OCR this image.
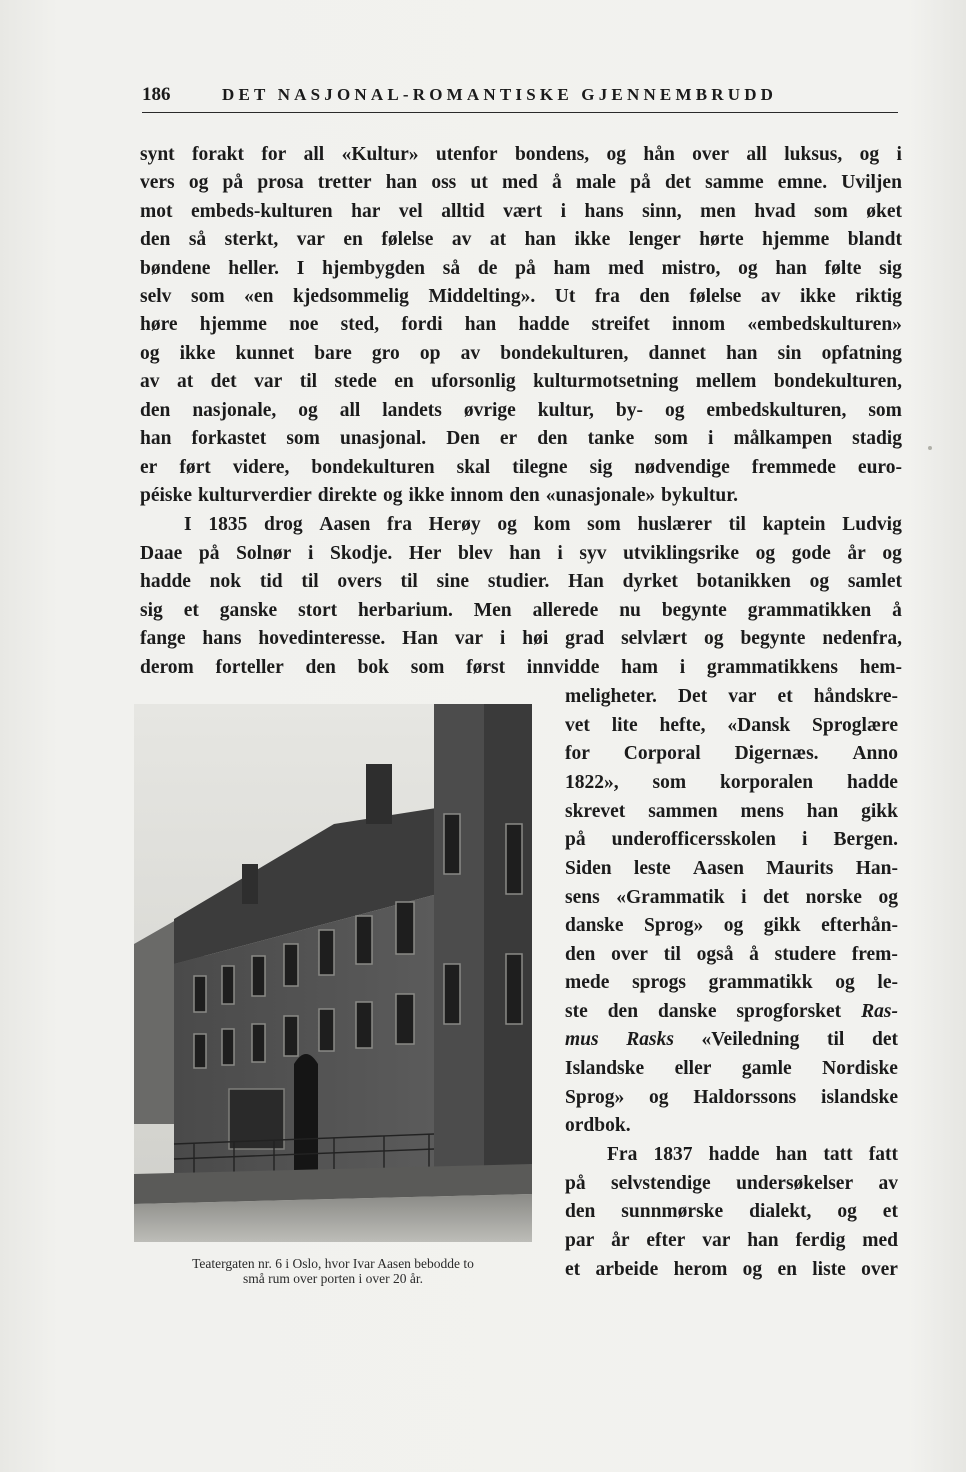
186	DET NASJONAL-ROMANTISKE GJENNEMBRUDD
synt forakt for all «Kultur» utenfor bondens, og hån over all luksus, og i
vers og på prosa tretter han oss ut med å male på det samme emne. Uviljen
mot embeds-kulturen har vel alltid vært i hans sinn, men hvad som øket
den så sterkt, var en følelse av at han ikke lenger hørte hjemme blandt
bøndene heller. I hjembygden så de på ham med mistro, og han følte sig
selv som «en kjedsommelig Middelting». Ut fra den følelse av ikke riktig
høre hjemme noe sted, fordi han hadde streifet innom «embedskulturen»
og ikke kunnet bare gro op av bondekulturen, dannet han sin opfatning
av at det var til stede en uforsonlig kulturmotsetning mellem bondekulturen,
den nasjonale, og all landets øvrige kultur, by- og embedskulturen, som
han forkastet som unasjonal. Den er den tanke som i målkampen stadig
er ført videre, bondekulturen skal tilegne sig nødvendige fremmede euro-
péiske kulturverdier direkte og ikke innom den «unasjonale» bykultur.
I 1835 drog Aasen fra Herøy og kom som huslærer til kaptein Ludvig
Daae på Solnør i Skodje. Her blev han i syv utviklingsrike og gode år og
hadde nok tid til overs til sine studier. Han dyrket botanikken og samlet
sig et ganske stort herbarium. Men allerede nu begynte grammatikken å
fange hans hovedinteresse. Han var i høi grad selvlært og begynte nedenfra,
derom forteller den bok som først innvidde ham i grammatikkens hem-
meligheter. Det var et håndskre-
vet lite hefte, «Dansk Sproglære
for Corporal Digernæs. Anno
1822», som korporalen hadde
skrevet sammen mens han gikk
på underofficersskolen i Bergen.
Siden leste Aasen Maurits Han-
sens «Grammatik i det norske og
danske Sprog» og gikk efterhån-
den over til også å studere frem-
mede sprogs grammatikk og le-
ste den danske sprogforsket Ras-
mus Rasks «Veiledning til det
Islandske eller gamle Nordiske
Sprog» og Haldorssons islandske
ordbok.
Fra 1837 hadde han tatt fatt
på selvstendige undersøkelser av
den sunnmørske dialekt, og et
par år efter var han ferdig med
et arbeide herom og en liste over
Teatergaten nr. 6 i Oslo, hvor Ivar Aasen bebodde to
små rum over porten i over 20 år.
